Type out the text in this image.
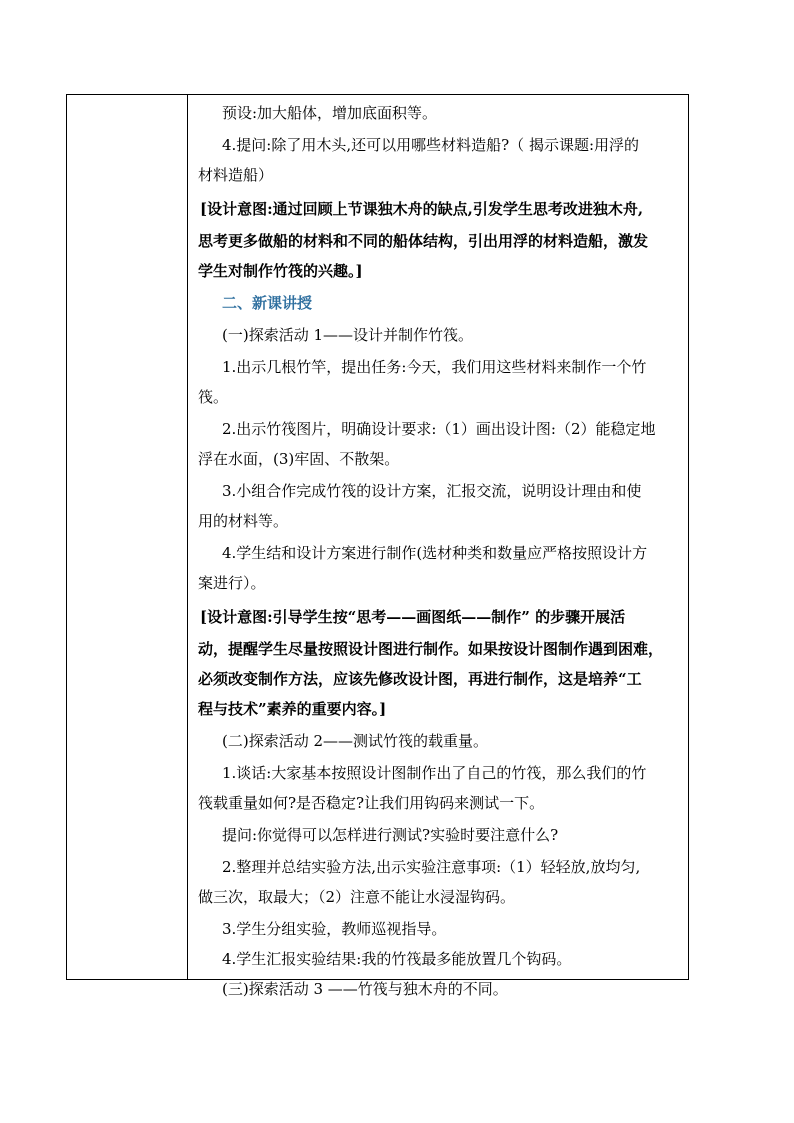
预设:加大船体，增加底面积等。
4.提问:除了用木头,还可以用哪些材料造船?（ 揭示课题:用浮的
材料造船）
[设计意图:通过回顾上节课独木舟的缺点,引发学生思考改进独木舟,
思考更多做船的材料和不同的船体结构，引出用浮的材料造船，激发
学生对制作竹筏的兴趣。]
二、新课讲授
(一)探索活动 1——设计并制作竹筏。
1.出示几根竹竿，提出任务:今天，我们用这些材料来制作一个竹
筏。
2.出示竹筏图片，明确设计要求:（1）画出设计图:（2）能稳定地
浮在水面，(3)牢固、不散架。
3.小组合作完成竹筏的设计方案，汇报交流，说明设计理由和使
用的材料等。
4.学生结和设计方案进行制作(选材种类和数量应严格按照设计方
案进行）。
[设计意图:引导学生按“思考——画图纸——制作” 的步骤开展活
动，提醒学生尽量按照设计图进行制作。如果按设计图制作遇到困难，
必须改变制作方法，应该先修改设计图，再进行制作，这是培养“工
程与技术”素养的重要内容。]
(二)探索活动 2——测试竹筏的载重量。
1.谈话:大家基本按照设计图制作出了自己的竹筏，那么我们的竹
筏载重量如何?是否稳定?让我们用钩码来测试一下。
提问:你觉得可以怎样进行测试?实验时要注意什么?
2.整理并总结实验方法,出示实验注意事项:（1）轻轻放,放均匀,
做三次，取最大；（2）注意不能让水浸湿钩码。
3.学生分组实验，教师巡视指导。
4.学生汇报实验结果:我的竹筏最多能放置几个钩码。
(三)探索活动 3 ——竹筏与独木舟的不同。
